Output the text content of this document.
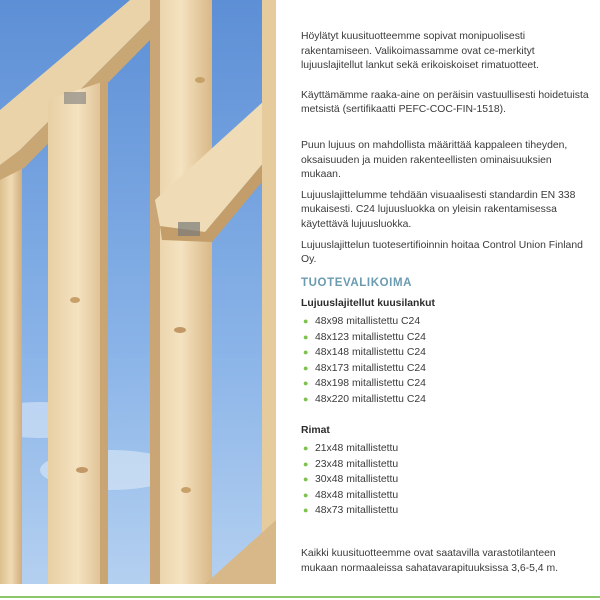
Höylätyt kuusituotteemme sopivat monipuolisesti rakentamiseen. Valikoimassamme ovat ce-merkityt lujuuslajitellut lankut sekä erikoiskoiset rimatuotteet.

Käyttämämme raaka-aine on peräisin vastuullisesti hoidetuista metsistä (sertifikaatti PEFC-COC-FIN-1518).

Puun lujuus on mahdollista määrittää kappaleen tiheyden, oksaisuuden ja muiden rakenteellisten ominaisuuksien mukaan.

Lujuuslajittelumme tehdään visuaalisesti standardin EN 338 mukaisesti. C24 lujuusluokka on yleisin rakentamisessa käytettävä lujuusluokka.

Lujuuslajittelun tuotesertifioinnin hoitaa Control Union Finland Oy.

TUOTEVALIKOIMA
Lujuuslajitellut kuusilankut
● 48x98 mitallistettu C24
● 48x123 mitallistettu C24
● 48x148 mitallistettu C24
● 48x173 mitallistettu C24
● 48x198 mitallistettu C24
● 48x220 mitallistettu C24
Rimat
● 21x48 mitallistettu
● 23x48 mitallistettu
● 30x48 mitallistettu
● 48x48 mitallistettu
● 48x73 mitallistettu

Kaikki kuusituotteemme ovat saatavilla varastotilanteen mukaan normaaleissa sahatavarapituuksissa 3,6-5,4 m.
